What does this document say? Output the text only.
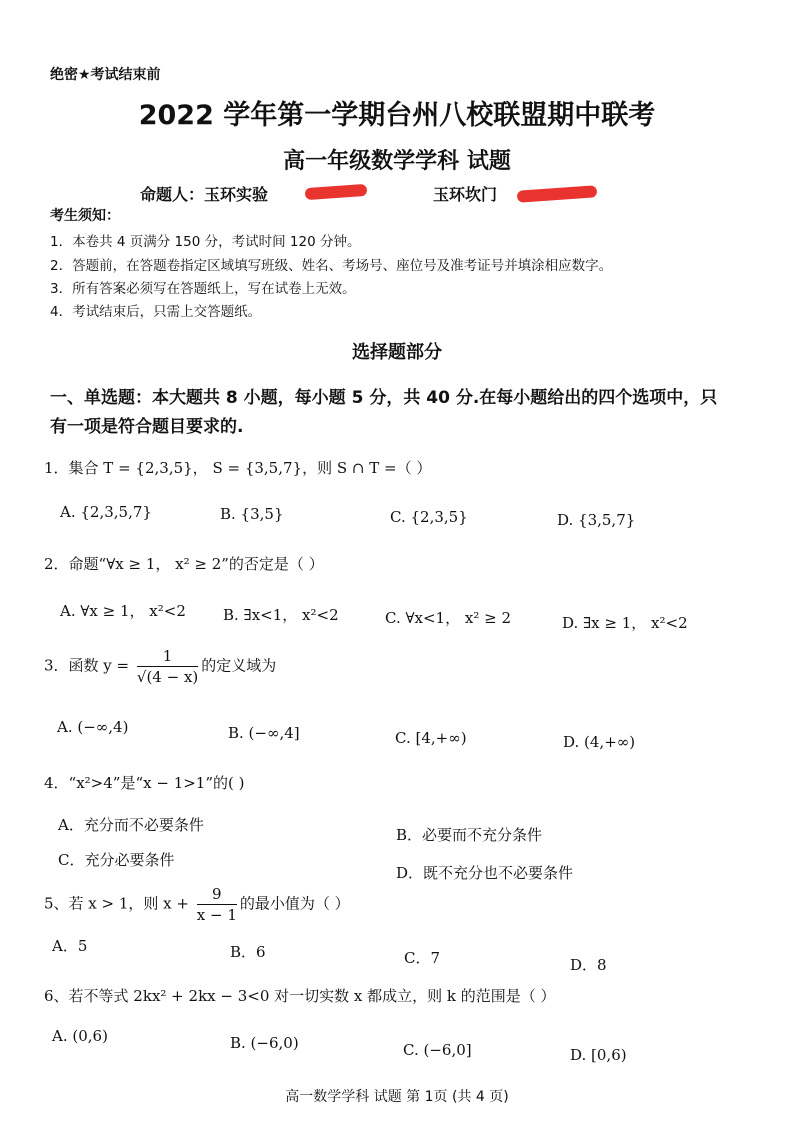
绝密★考试结束前
2022 学年第一学期台州八校联盟期中联考
高一年级数学学科 试题
命题人：玉环实验	玉环坎门
考生须知：
1．本卷共 4 页满分 150 分，考试时间 120 分钟。
2．答题前，在答题卷指定区域填写班级、姓名、考场号、座位号及准考证号并填涂相应数字。
3．所有答案必须写在答题纸上，写在试卷上无效。
4．考试结束后，只需上交答题纸。
选择题部分
一、单选题：本大题共 8 小题，每小题 5 分，共 40 分.在每小题给出的四个选项中，只
有一项是符合题目要求的.
1．集合 T = {2,3,5}， S = {3,5,7}，则 S ∩ T =（ ）
A. {2,3,5,7}	B. {3,5}	C. {2,3,5}	D. {3,5,7}
2．命题“∀x ≥ 1， x² ≥ 2”的否定是（ ）
A. ∀x ≥ 1， x²<2 B. ∃x<1， x²<2	C. ∀x<1， x² ≥ 2	D. ∃x ≥ 1， x²<2
3．函数 $y = \frac{1}{√(4 - x)}$ 的定义域为
A. (−∞,4)	B. (−∞,4]	C. [4,+∞)	D. (4,+∞)
4．“x²>4”是“x − 1>1”的( )
A．充分而不必要条件
B．必要而不充分条件
C．充分必要条件
D．既不充分也不必要条件
5、若 x > 1，则 $x + \frac{9}{x - 1}$ 的最小值为（ ）
A．5	B．6	C．7	D．8
6、若不等式 2kx² + 2kx − 3<0 对一切实数 x 都成立，则 k 的范围是（ ）
A. (0,6)	B. (−6,0)	C. (−6,0]	D. [0,6)
高一数学学科 试题 第 1页 (共 4 页)
